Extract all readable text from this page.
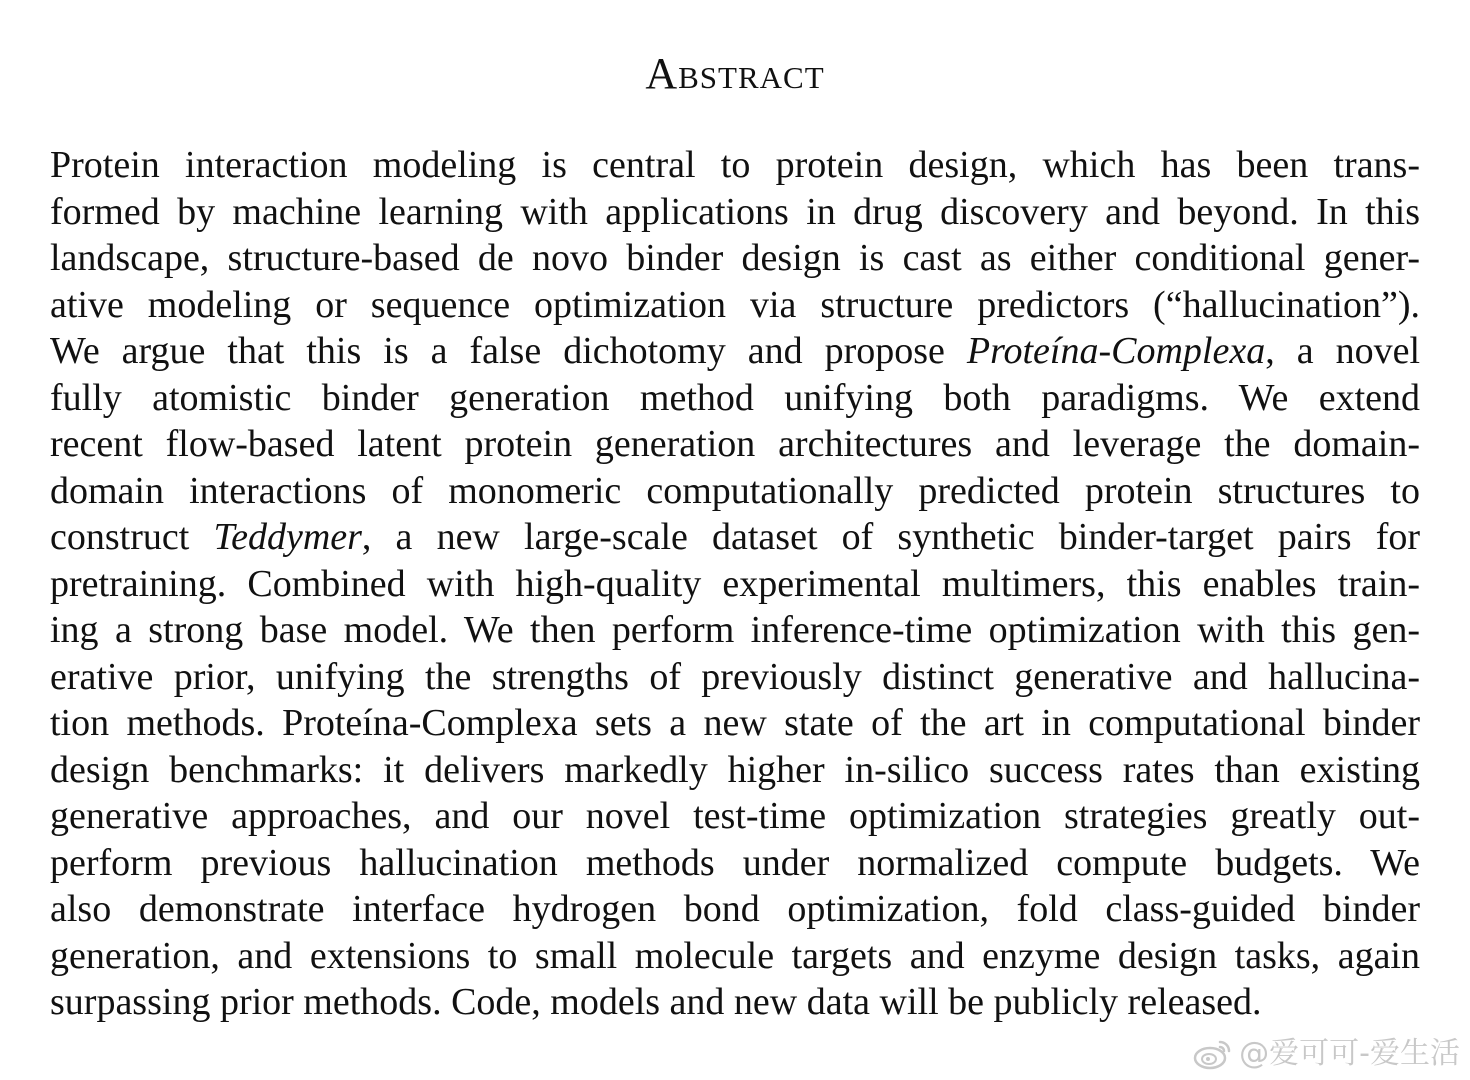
Abstract
Protein interaction modeling is central to protein design, which has been trans-
formed by machine learning with applications in drug discovery and beyond. In this
landscape, structure-based de novo binder design is cast as either conditional gener-
ative modeling or sequence optimization via structure predictors (“hallucination”).
We argue that this is a false dichotomy and propose Proteína-Complexa, a novel
fully atomistic binder generation method unifying both paradigms. We extend
recent flow-based latent protein generation architectures and leverage the domain-
domain interactions of monomeric computationally predicted protein structures to
construct Teddymer, a new large-scale dataset of synthetic binder-target pairs for
pretraining. Combined with high-quality experimental multimers, this enables train-
ing a strong base model. We then perform inference-time optimization with this gen-
erative prior, unifying the strengths of previously distinct generative and hallucina-
tion methods. Proteína-Complexa sets a new state of the art in computational binder
design benchmarks: it delivers markedly higher in-silico success rates than existing
generative approaches, and our novel test-time optimization strategies greatly out-
perform previous hallucination methods under normalized compute budgets. We
also demonstrate interface hydrogen bond optimization, fold class-guided binder
generation, and extensions to small molecule targets and enzyme design tasks, again
surpassing prior methods. Code, models and new data will be publicly released.
@爱可可-爱生活
